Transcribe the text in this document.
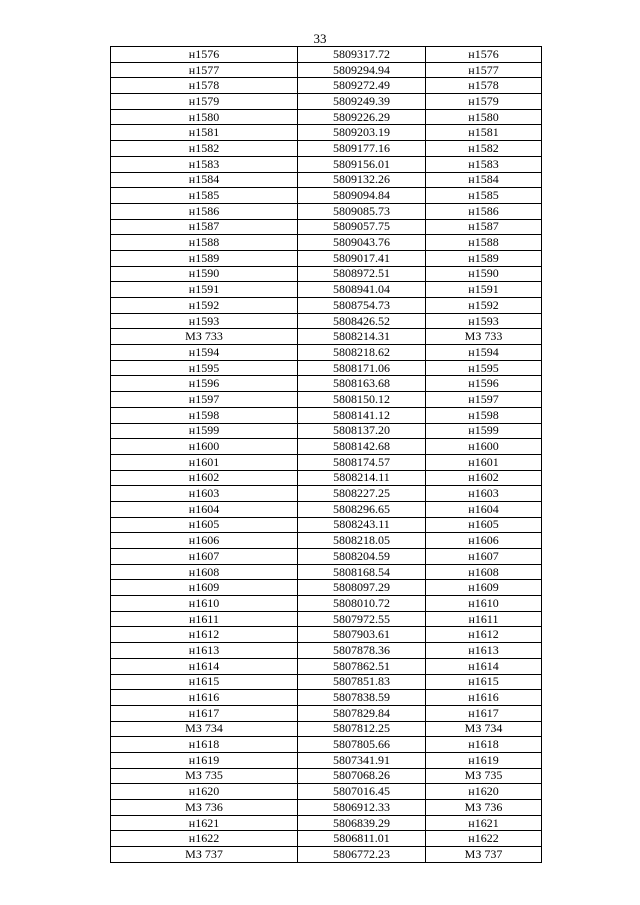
33
н1576	5809317.72	н1576
н1577	5809294.94	н1577
н1578	5809272.49	н1578
н1579	5809249.39	н1579
н1580	5809226.29	н1580
н1581	5809203.19	н1581
н1582	5809177.16	н1582
н1583	5809156.01	н1583
н1584	5809132.26	н1584
н1585	5809094.84	н1585
н1586	5809085.73	н1586
н1587	5809057.75	н1587
н1588	5809043.76	н1588
н1589	5809017.41	н1589
н1590	5808972.51	н1590
н1591	5808941.04	н1591
н1592	5808754.73	н1592
н1593	5808426.52	н1593
МЗ 733	5808214.31	МЗ 733
н1594	5808218.62	н1594
н1595	5808171.06	н1595
н1596	5808163.68	н1596
н1597	5808150.12	н1597
н1598	5808141.12	н1598
н1599	5808137.20	н1599
н1600	5808142.68	н1600
н1601	5808174.57	н1601
н1602	5808214.11	н1602
н1603	5808227.25	н1603
н1604	5808296.65	н1604
н1605	5808243.11	н1605
н1606	5808218.05	н1606
н1607	5808204.59	н1607
н1608	5808168.54	н1608
н1609	5808097.29	н1609
н1610	5808010.72	н1610
н1611	5807972.55	н1611
н1612	5807903.61	н1612
н1613	5807878.36	н1613
н1614	5807862.51	н1614
н1615	5807851.83	н1615
н1616	5807838.59	н1616
н1617	5807829.84	н1617
МЗ 734	5807812.25	МЗ 734
н1618	5807805.66	н1618
н1619	5807341.91	н1619
МЗ 735	5807068.26	МЗ 735
н1620	5807016.45	н1620
МЗ 736	5806912.33	МЗ 736
н1621	5806839.29	н1621
н1622	5806811.01	н1622
МЗ 737	5806772.23	МЗ 737
